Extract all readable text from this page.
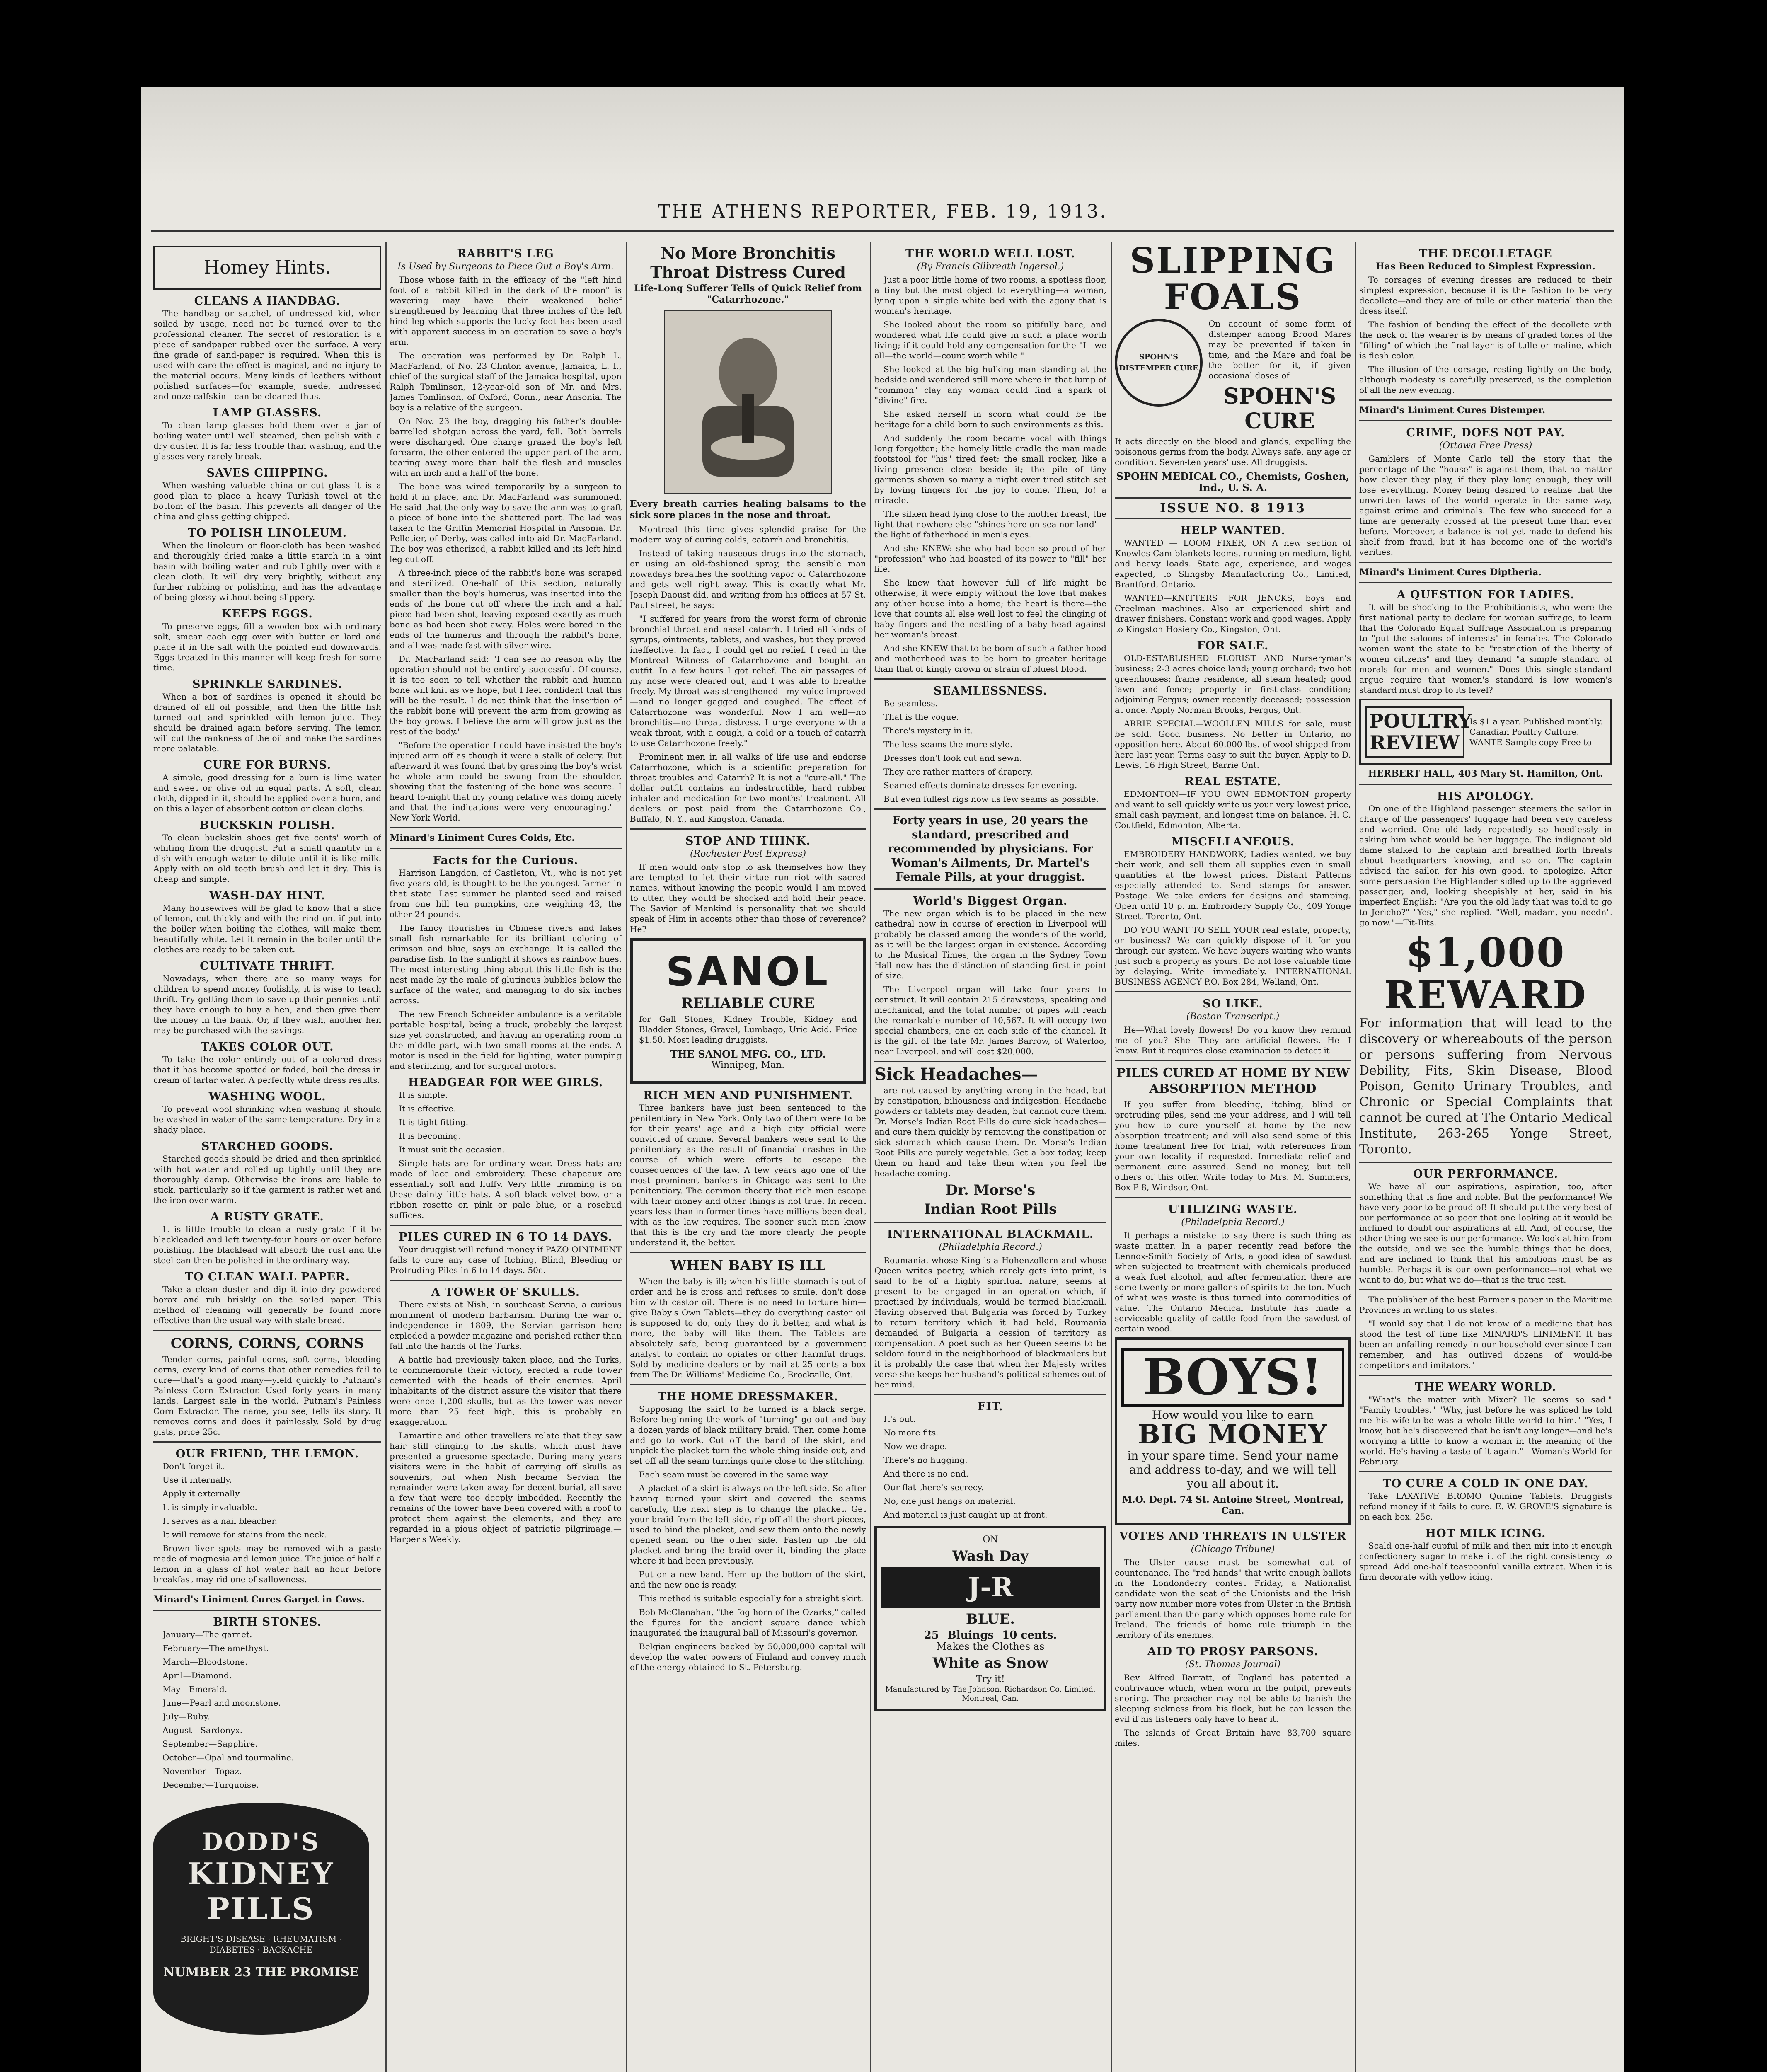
THE ATHENS REPORTER, FEB. 19, 1913.
Homey Hints.
CLEANS A HANDBAG.

The handbag or satchel, of undressed kid, when soiled by usage, need not be turned over to the professional cleaner. The secret of restoration is a piece of sandpaper rubbed over the surface. A very fine grade of sand-paper is required. When this is used with care the effect is magical, and no injury to the material occurs. Many kinds of leathers without polished surfaces—for example, suede, undressed and ooze calfskin—can be cleaned thus.

LAMP GLASSES.

To clean lamp glasses hold them over a jar of boiling water until well steamed, then polish with a dry duster. It is far less trouble than washing, and the glasses very rarely break.

SAVES CHIPPING.

When washing valuable china or cut glass it is a good plan to place a heavy Turkish towel at the bottom of the basin. This prevents all danger of the china and glass getting chipped.

TO POLISH LINOLEUM.

When the linoleum or floor-cloth has been washed and thoroughly dried make a little starch in a pint basin with boiling water and rub lightly over with a clean cloth. It will dry very brightly, without any further rubbing or polishing, and has the advantage of being glossy without being slippery.

KEEPS EGGS.

To preserve eggs, fill a wooden box with ordinary salt, smear each egg over with butter or lard and place it in the salt with the pointed end downwards. Eggs treated in this manner will keep fresh for some time.

SPRINKLE SARDINES.

When a box of sardines is opened it should be drained of all oil possible, and then the little fish turned out and sprinkled with lemon juice. They should be drained again before serving. The lemon will cut the rankness of the oil and make the sardines more palatable.

CURE FOR BURNS.

A simple, good dressing for a burn is lime water and sweet or olive oil in equal parts. A soft, clean cloth, dipped in it, should be applied over a burn, and on this a layer of absorbent cotton or clean cloths.

BUCKSKIN POLISH.

To clean buckskin shoes get five cents' worth of whiting from the druggist. Put a small quantity in a dish with enough water to dilute until it is like milk. Apply with an old tooth brush and let it dry. This is cheap and simple.

WASH-DAY HINT.

Many housewives will be glad to know that a slice of lemon, cut thickly and with the rind on, if put into the boiler when boiling the clothes, will make them beautifully white. Let it remain in the boiler until the clothes are ready to be taken out.

CULTIVATE THRIFT.

Nowadays, when there are so many ways for children to spend money foolishly, it is wise to teach thrift. Try getting them to save up their pennies until they have enough to buy a hen, and then give them the money in the bank. Or, if they wish, another hen may be purchased with the savings.

TAKES COLOR OUT.

To take the color entirely out of a colored dress that it has become spotted or faded, boil the dress in cream of tartar water. A perfectly white dress results.

WASHING WOOL.

To prevent wool shrinking when washing it should be washed in water of the same temperature. Dry in a shady place.

STARCHED GOODS.

Starched goods should be dried and then sprinkled with hot water and rolled up tightly until they are thoroughly damp. Otherwise the irons are liable to stick, particularly so if the garment is rather wet and the iron over warm.

A RUSTY GRATE.

It is little trouble to clean a rusty grate if it be blackleaded and left twenty-four hours or over before polishing. The blacklead will absorb the rust and the steel can then be polished in the ordinary way.

TO CLEAN WALL PAPER.

Take a clean duster and dip it into dry powdered borax and rub briskly on the soiled paper. This method of cleaning will generally be found more effective than the usual way with stale bread.

CORNS, CORNS, CORNS

Tender corns, painful corns, soft corns, bleeding corns, every kind of corns that other remedies fail to cure—that's a good many—yield quickly to Putnam's Painless Corn Extractor. Used forty years in many lands. Largest sale in the world. Putnam's Painless Corn Extractor. The name, you see, tells its story. It removes corns and does it painlessly. Sold by drug gists, price 25c.

OUR FRIEND, THE LEMON.

Don't forget it.

Use it internally.

Apply it externally.

It is simply invaluable.

It serves as a nail bleacher.

It will remove for stains from the neck.

Brown liver spots may be removed with a paste made of magnesia and lemon juice. The juice of half a lemon in a glass of hot water half an hour before breakfast may rid one of sallowness.

Minard's Liniment Cures Garget in Cows.

BIRTH STONES.

January—The garnet.

February—The amethyst.

March—Bloodstone.

April—Diamond.

May—Emerald.

June—Pearl and moonstone.

July—Ruby.

August—Sardonyx.

September—Sapphire.

October—Opal and tourmaline.

November—Topaz.

December—Turquoise.

DODD'S
KIDNEY
PILLS
BRIGHT'S DISEASE · RHEUMATISM · DIABETES · BACKACHE
NUMBER 23 THE PROMISE
RABBIT'S LEG
Is Used by Surgeons to Piece Out a Boy's Arm.

Those whose faith in the efficacy of the "left hind foot of a rabbit killed in the dark of the moon" is wavering may have their weakened belief strengthened by learning that three inches of the left hind leg which supports the lucky foot has been used with apparent success in an operation to save a boy's arm.

The operation was performed by Dr. Ralph L. MacFarland, of No. 23 Clinton avenue, Jamaica, L. I., chief of the surgical staff of the Jamaica hospital, upon Ralph Tomlinson, 12-year-old son of Mr. and Mrs. James Tomlinson, of Oxford, Conn., near Ansonia. The boy is a relative of the surgeon.

On Nov. 23 the boy, dragging his father's double-barrelled shotgun across the yard, fell. Both barrels were discharged. One charge grazed the boy's left forearm, the other entered the upper part of the arm, tearing away more than half the flesh and muscles with an inch and a half of the bone.

The bone was wired temporarily by a surgeon to hold it in place, and Dr. MacFarland was summoned. He said that the only way to save the arm was to graft a piece of bone into the shattered part. The lad was taken to the Griffin Memorial Hospital in Ansonia. Dr. Pelletier, of Derby, was called into aid Dr. MacFarland. The boy was etherized, a rabbit killed and its left hind leg cut off.

A three-inch piece of the rabbit's bone was scraped and sterilized. One-half of this section, naturally smaller than the boy's humerus, was inserted into the ends of the bone cut off where the inch and a half piece had been shot, leaving exposed exactly as much bone as had been shot away. Holes were bored in the ends of the humerus and through the rabbit's bone, and all was made fast with silver wire.

Dr. MacFarland said: "I can see no reason why the operation should not be entirely successful. Of course, it is too soon to tell whether the rabbit and human bone will knit as we hope, but I feel confident that this will be the result. I do not think that the insertion of the rabbit bone will prevent the arm from growing as the boy grows. I believe the arm will grow just as the rest of the body."

"Before the operation I could have insisted the boy's injured arm off as though it were a stalk of celery. But afterward it was found that by grasping the boy's wrist he whole arm could be swung from the shoulder, showing that the fastening of the bone was secure. I heard to-night that my young relative was doing nicely and that the indications were very encouraging."—New York World.

Minard's Liniment Cures Colds, Etc.

Facts for the Curious.

Harrison Langdon, of Castleton, Vt., who is not yet five years old, is thought to be the youngest farmer in that state. Last summer he planted seed and raised from one hill ten pumpkins, one weighing 43, the other 24 pounds.

The fancy flourishes in Chinese rivers and lakes small fish remarkable for its brilliant coloring of crimson and blue, says an exchange. It is called the paradise fish. In the sunlight it shows as rainbow hues. The most interesting thing about this little fish is the nest made by the male of glutinous bubbles below the surface of the water, and managing to do six inches across.

The new French Schneider ambulance is a veritable portable hospital, being a truck, probably the largest size yet constructed, and having an operating room in the middle part, with two small rooms at the ends. A motor is used in the field for lighting, water pumping and sterilizing, and for surgical motors.

HEADGEAR FOR WEE GIRLS.

It is simple.

It is effective.

It is tight-fitting.

It is becoming.

It must suit the occasion.

Simple hats are for ordinary wear. Dress hats are made of lace and embroidery. These chapeaux are essentially soft and fluffy. Very little trimming is on these dainty little hats. A soft black velvet bow, or a ribbon rosette on pink or pale blue, or a rosebud suffices.

PILES CURED IN 6 TO 14 DAYS.

Your druggist will refund money if PAZO OINTMENT fails to cure any case of Itching, Blind, Bleeding or Protruding Piles in 6 to 14 days. 50c.

A TOWER OF SKULLS.

There exists at Nish, in southeast Servia, a curious monument of modern barbarism. During the war of independence in 1809, the Servian garrison here exploded a powder magazine and perished rather than fall into the hands of the Turks.

A battle had previously taken place, and the Turks, to commemorate their victory, erected a rude tower cemented with the heads of their enemies. April inhabitants of the district assure the visitor that there were once 1,200 skulls, but as the tower was never more than 25 feet high, this is probably an exaggeration.

Lamartine and other travellers relate that they saw hair still clinging to the skulls, which must have presented a gruesome spectacle. During many years visitors were in the habit of carrying off skulls as souvenirs, but when Nish became Servian the remainder were taken away for decent burial, all save a few that were too deeply imbedded. Recently the remains of the tower have been covered with a roof to protect them against the elements, and they are regarded in a pious object of patriotic pilgrimage.—Harper's Weekly.

No More Bronchitis
Throat Distress Cured
Life-Long Sufferer Tells of Quick Relief from "Catarrhozone."

Every breath carries healing balsams to the sick sore places in the nose and throat.

Montreal this time gives splendid praise for the modern way of curing colds, catarrh and bronchitis.

Instead of taking nauseous drugs into the stomach, or using an old-fashioned spray, the sensible man nowadays breathes the soothing vapor of Catarrhozone and gets well right away. This is exactly what Mr. Joseph Daoust did, and writing from his offices at 57 St. Paul street, he says:

"I suffered for years from the worst form of chronic bronchial throat and nasal catarrh. I tried all kinds of syrups, ointments, tablets, and washes, but they proved ineffective. In fact, I could get no relief. I read in the Montreal Witness of Catarrhozone and bought an outfit. In a few hours I got relief. The air passages of my nose were cleared out, and I was able to breathe freely. My throat was strengthened—my voice improved—and no longer gagged and coughed. The effect of Catarrhozone was wonderful. Now I am well—no bronchitis—no throat distress. I urge everyone with a weak throat, with a cough, a cold or a touch of catarrh to use Catarrhozone freely."

Prominent men in all walks of life use and endorse Catarrhozone, which is a scientific preparation for throat troubles and Catarrh? It is not a "cure-all." The dollar outfit contains an indestructible, hard rubber inhaler and medication for two months' treatment. All dealers or post paid from the Catarrhozone Co., Buffalo, N. Y., and Kingston, Canada.

STOP AND THINK.
(Rochester Post Express)

If men would only stop to ask themselves how they are tempted to let their virtue run riot with sacred names, without knowing the people would I am moved to utter, they would be shocked and hold their peace. The Savior of Mankind is personality that we should speak of Him in accents other than those of reverence? He?

SANOL
RELIABLE CURE

for Gall Stones, Kidney Trouble, Kidney and Bladder Stones, Gravel, Lumbago, Uric Acid. Price $1.50. Most leading druggists.

THE SANOL MFG. CO., LTD.
Winnipeg, Man.
RICH MEN AND PUNISHMENT.

Three bankers have just been sentenced to the penitentiary in New York. Only two of them were to be for their years' age and a high city official were convicted of crime. Several bankers were sent to the penitentiary as the result of financial crashes in the course of which were efforts to escape the consequences of the law. A few years ago one of the most prominent bankers in Chicago was sent to the penitentiary. The common theory that rich men escape with their money and other things is not true. In recent years less than in former times have millions been dealt with as the law requires. The sooner such men know that this is the cry and the more clearly the people understand it, the better.

WHEN BABY IS ILL

When the baby is ill; when his little stomach is out of order and he is cross and refuses to smile, don't dose him with castor oil. There is no need to torture him—give Baby's Own Tablets—they do everything castor oil is supposed to do, only they do it better, and what is more, the baby will like them. The Tablets are absolutely safe, being guaranteed by a government analyst to contain no opiates or other harmful drugs. Sold by medicine dealers or by mail at 25 cents a box from The Dr. Williams' Medicine Co., Brockville, Ont.

THE HOME DRESSMAKER.

Supposing the skirt to be turned is a black serge. Before beginning the work of "turning" go out and buy a dozen yards of black military braid. Then come home and go to work. Cut off the band of the skirt, and unpick the placket turn the whole thing inside out, and set off all the seam turnings quite close to the stitching.

Each seam must be covered in the same way.

A placket of a skirt is always on the left side. So after having turned your skirt and covered the seams carefully, the next step is to change the placket. Get your braid from the left side, rip off all the short pieces, used to bind the placket, and sew them onto the newly opened seam on the other side. Fasten up the old placket and bring the braid over it, binding the place where it had been previously.

Put on a new band. Hem up the bottom of the skirt, and the new one is ready.

This method is suitable especially for a straight skirt.

Bob McClanahan, "the fog horn of the Ozarks," called the figures for the ancient square dance which inaugurated the inaugural ball of Missouri's governor.

Belgian engineers backed by 50,000,000 capital will develop the water powers of Finland and convey much of the energy obtained to St. Petersburg.

THE WORLD WELL LOST.
(By Francis Gilbreath Ingersol.)

Just a poor little home of two rooms, a spotless floor, a tiny but the most object to everything—a woman, lying upon a single white bed with the agony that is woman's heritage.

She looked about the room so pitifully bare, and wondered what life could give in such a place worth living; if it could hold any compensation for the "I—we all—the world—count worth while."

She looked at the big hulking man standing at the bedside and wondered still more where in that lump of "common" clay any woman could find a spark of "divine" fire.

She asked herself in scorn what could be the heritage for a child born to such environments as this.

And suddenly the room became vocal with things long forgotten; the homely little cradle the man made footstool for "his" tired feet; the small rocker, like a living presence close beside it; the pile of tiny garments shown so many a night over tired stitch set by loving fingers for the joy to come. Then, lo! a miracle.

The silken head lying close to the mother breast, the light that nowhere else "shines here on sea nor land"—the light of fatherhood in men's eyes.

And she KNEW: she who had been so proud of her "profession" who had boasted of its power to "fill" her life.

She knew that however full of life might be otherwise, it were empty without the love that makes any other house into a home; the heart is there—the love that counts all else well lost to feel the clinging of baby fingers and the nestling of a baby head against her woman's breast.

And she KNEW that to be born of such a father-hood and motherhood was to be born to greater heritage than that of kingly crown or strain of bluest blood.

SEAMLESSNESS.

Be seamless.

That is the vogue.

There's mystery in it.

The less seams the more style.

Dresses don't look cut and sewn.

They are rather matters of drapery.

Seamed effects dominate dresses for evening.

But even fullest rigs now us few seams as possible.

Forty years in use, 20 years the standard, prescribed and recommended by physicians. For Woman's Ailments, Dr. Martel's Female Pills, at your druggist.

World's Biggest Organ.

The new organ which is to be placed in the new cathedral now in course of erection in Liverpool will probably be classed among the wonders of the world, as it will be the largest organ in existence. According to the Musical Times, the organ in the Sydney Town Hall now has the distinction of standing first in point of size.

The Liverpool organ will take four years to construct. It will contain 215 drawstops, speaking and mechanical, and the total number of pipes will reach the remarkable number of 10,567. It will occupy two special chambers, one on each side of the chancel. It is the gift of the late Mr. James Barrow, of Waterloo, near Liverpool, and will cost $20,000.

Sick Headaches—

are not caused by anything wrong in the head, but by constipation, biliousness and indigestion. Headache powders or tablets may deaden, but cannot cure them. Dr. Morse's Indian Root Pills do cure sick headaches—and cure them quickly by removing the constipation or sick stomach which cause them. Dr. Morse's Indian Root Pills are purely vegetable. Get a box today, keep them on hand and take them when you feel the headache coming.

Dr. Morse's
Indian Root Pills
INTERNATIONAL BLACKMAIL.
(Philadelphia Record.)

Roumania, whose King is a Hohenzollern and whose Queen writes poetry, which rarely gets into print, is said to be of a highly spiritual nature, seems at present to be engaged in an operation which, if practised by individuals, would be termed blackmail. Having observed that Bulgaria was forced by Turkey to return territory which it had held, Roumania demanded of Bulgaria a cession of territory as compensation. A poet such as her Queen seems to be seldom found in the neighborhood of blackmailers but it is probably the case that when her Majesty writes verse she keeps her husband's political schemes out of her mind.

FIT.

It's out.

No more fits.

Now we drape.

There's no hugging.

And there is no end.

Our flat there's secrecy.

No, one just hangs on material.

And material is just caught up at front.

ON
Wash Day
J-R
BLUE.
25 Bluings 10 cents.
Makes the Clothes as
White as Snow
Try it!
Manufactured by The Johnson, Richardson Co. Limited, Montreal, Can.
SLIPPING FOALS
SPOHN'S DISTEMPER CURE

On account of some form of distemper among Brood Mares may be prevented if taken in time, and the Mare and foal be the better for it, if given occasional doses of

SPOHN'S CURE

It acts directly on the blood and glands, expelling the poisonous germs from the body. Always safe, any age or condition. Seven-ten years' use. All druggists.

SPOHN MEDICAL CO., Chemists, Goshen, Ind., U. S. A.
ISSUE NO. 8 1913
HELP WANTED.

WANTED — LOOM FIXER, ON A new section of Knowles Cam blankets looms, running on medium, light and heavy loads. State age, experience, and wages expected, to Slingsby Manufacturing Co., Limited, Brantford, Ontario.

WANTED—KNITTERS FOR JENCKS, boys and Creelman machines. Also an experienced shirt and drawer finishers. Constant work and good wages. Apply to Kingston Hosiery Co., Kingston, Ont.

FOR SALE.

OLD-ESTABLISHED FLORIST AND Nurseryman's business; 2-3 acres choice land; young orchard; two hot greenhouses; frame residence, all steam heated; good lawn and fence; property in first-class condition; adjoining Fergus; owner recently deceased; possession at once. Apply Norman Brooks, Fergus, Ont.

ARRIE SPECIAL—WOOLLEN MILLS for sale, must be sold. Good business. No better in Ontario, no opposition here. About 60,000 lbs. of wool shipped from here last year. Terms easy to suit the buyer. Apply to D. Lewis, 16 High Street, Barrie Ont.

REAL ESTATE.

EDMONTON—IF YOU OWN EDMONTON property and want to sell quickly write us your very lowest price, small cash payment, and longest time on balance. H. C. Coutfield, Edmonton, Alberta.

MISCELLANEOUS.

EMBROIDERY HANDWORK; Ladies wanted, we buy their work, and sell them all supplies even in small quantities at the lowest prices. Distant Patterns especially attended to. Send stamps for answer. Postage. We take orders for designs and stamping. Open until 10 p. m. Embroidery Supply Co., 409 Yonge Street, Toronto, Ont.

DO YOU WANT TO SELL YOUR real estate, property, or business? We can quickly dispose of it for you through our system. We have buyers waiting who wants just such a property as yours. Do not lose valuable time by delaying. Write immediately. INTERNATIONAL BUSINESS AGENCY P.O. Box 284, Welland, Ont.

SO LIKE.
(Boston Transcript.)

He—What lovely flowers! Do you know they remind me of you? She—They are artificial flowers. He—I know. But it requires close examination to detect it.

PILES CURED AT HOME BY NEW ABSORPTION METHOD

If you suffer from bleeding, itching, blind or protruding piles, send me your address, and I will tell you how to cure yourself at home by the new absorption treatment; and will also send some of this home treatment free for trial, with references from your own locality if requested. Immediate relief and permanent cure assured. Send no money, but tell others of this offer. Write today to Mrs. M. Summers, Box P 8, Windsor, Ont.

UTILIZING WASTE.
(Philadelphia Record.)

It perhaps a mistake to say there is such thing as waste matter. In a paper recently read before the Lennox-Smith Society of Arts, a good idea of sawdust when subjected to treatment with chemicals produced a weak fuel alcohol, and after fermentation there are some twenty or more gallons of spirits to the ton. Much of what was waste is thus turned into commodities of value. The Ontario Medical Institute has made a serviceable quality of cattle food from the sawdust of certain wood.

BOYS!
How would you like to earn
BIG MONEY

in your spare time. Send your name and address to-day, and we will tell you all about it.

M.O. Dept. 74 St. Antoine Street, Montreal, Can.
VOTES AND THREATS IN ULSTER
(Chicago Tribune)

The Ulster cause must be somewhat out of countenance. The "red hands" that write enough ballots in the Londonderry contest Friday, a Nationalist candidate won the seat of the Unionists and the Irish party now number more votes from Ulster in the British parliament than the party which opposes home rule for Ireland. The friends of home rule triumph in the territory of its enemies.

AID TO PROSY PARSONS.
(St. Thomas Journal)

Rev. Alfred Barratt, of England has patented a contrivance which, when worn in the pulpit, prevents snoring. The preacher may not be able to banish the sleeping sickness from his flock, but he can lessen the evil if his listeners only have to hear it.

The islands of Great Britain have 83,700 square miles.

THE DECOLLETAGE
Has Been Reduced to Simplest Expression.

To corsages of evening dresses are reduced to their simplest expression, because it is the fashion to be very decollete—and they are of tulle or other material than the dress itself.

The fashion of bending the effect of the decollete with the neck of the wearer is by means of graded tones of the "filling" of which the final layer is of tulle or maline, which is flesh color.

The illusion of the corsage, resting lightly on the body, although modesty is carefully preserved, is the completion of all the new evening.

Minard's Liniment Cures Distemper.

CRIME, DOES NOT PAY.
(Ottawa Free Press)

Gamblers of Monte Carlo tell the story that the percentage of the "house" is against them, that no matter how clever they play, if they play long enough, they will lose everything. Money being desired to realize that the unwritten laws of the world operate in the same way, against crime and criminals. The few who succeed for a time are generally crossed at the present time than ever before. Moreover, a balance is not yet made to defend his shelf from fraud, but it has become one of the world's verities.

Minard's Liniment Cures Diptheria.

A QUESTION FOR LADIES.

It will be shocking to the Prohibitionists, who were the first national party to declare for woman suffrage, to learn that the Colorado Equal Suffrage Association is preparing to "put the saloons of interests" in females. The Colorado women want the state to be "restriction of the liberty of women citizens" and they demand "a simple standard of morals for men and women." Does this single-standard argue require that women's standard is low women's standard must drop to its level?

POULTRY REVIEW
Is $1 a year. Published monthly. Canadian Poultry Culture. WANTE Sample copy Free to
HERBERT HALL, 403 Mary St. Hamilton, Ont.
HIS APOLOGY.

On one of the Highland passenger steamers the sailor in charge of the passengers' luggage had been very careless and worried. One old lady repeatedly so heedlessly in asking him what would be her luggage. The indignant old dame stalked to the captain and breathed forth threats about headquarters knowing, and so on. The captain advised the sailor, for his own good, to apologize. After some persuasion the Highlander sidled up to the aggrieved passenger, and, looking sheepishly at her, said in his imperfect English: "Are you the old lady that was told to go to Jericho?" "Yes," she replied. "Well, madam, you needn't go now."—Tit-Bits.

$1,000
REWARD

For information that will lead to the discovery or whereabouts of the person or persons suffering from Nervous Debility, Fits, Skin Disease, Blood Poison, Genito Urinary Troubles, and Chronic or Special Complaints that cannot be cured at The Ontario Medical Institute, 263-265 Yonge Street, Toronto.

OUR PERFORMANCE.

We have all our aspirations, aspiration, too, after something that is fine and noble. But the performance! We have very poor to be proud of! It should put the very best of our performance at so poor that one looking at it would be inclined to doubt our aspirations at all. And, of course, the other thing we see is our performance. We look at him from the outside, and we see the humble things that he does, and are inclined to think that his ambitions must be as humble. Perhaps it is our own performance—not what we want to do, but what we do—that is the true test.

The publisher of the best Farmer's paper in the Maritime Provinces in writing to us states:

"I would say that I do not know of a medicine that has stood the test of time like MINARD'S LINIMENT. It has been an unfailing remedy in our household ever since I can remember, and has outlived dozens of would-be competitors and imitators."

THE WEARY WORLD.

"What's the matter with Mixer? He seems so sad." "Family troubles." "Why, just before he was spliced he told me his wife-to-be was a whole little world to him." "Yes, I know, but he's discovered that he isn't any longer—and he's worrying a little to know a woman in the meaning of the world. He's having a taste of it again."—Woman's World for February.

TO CURE A COLD IN ONE DAY.

Take LAXATIVE BROMO Quinine Tablets. Druggists refund money if it fails to cure. E. W. GROVE'S signature is on each box. 25c.

HOT MILK ICING.

Scald one-half cupful of milk and then mix into it enough confectionery sugar to make it of the right consistency to spread. Add one-half teaspoonful vanilla extract. When it is firm decorate with yellow icing.
